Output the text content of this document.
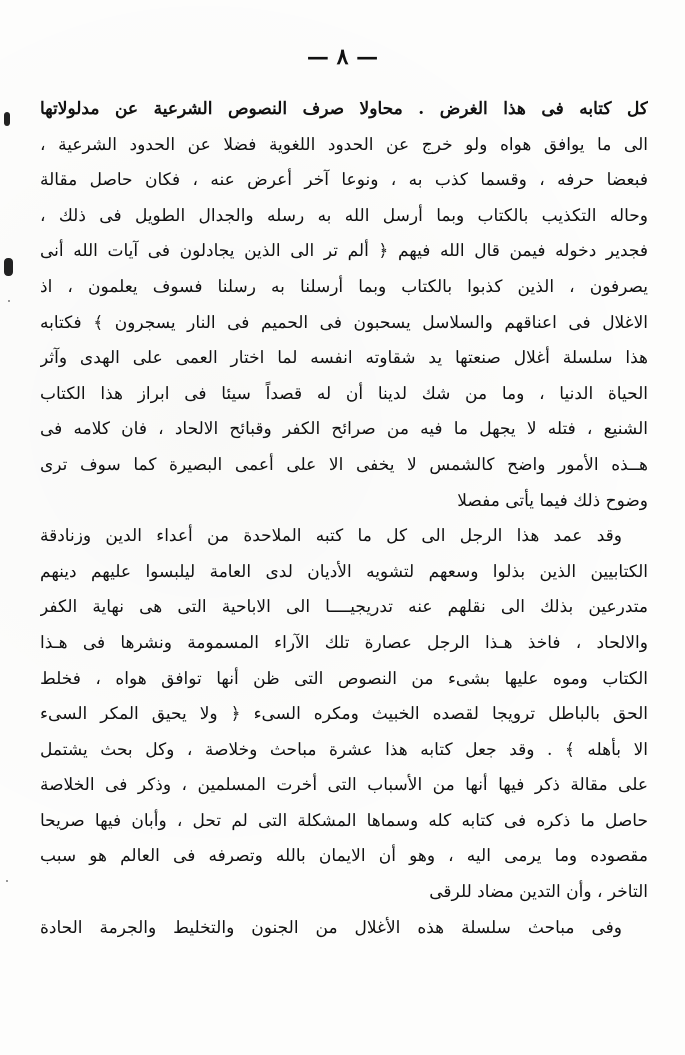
— ٨ —
كل كتابه فى هذا الغرض . محاولا صرف النصوص الشرعية عن مدلولاتها
الى ما يوافق هواه ولو خرج عن الحدود اللغوية فضلا عن الحدود الشرعية ،
فبعضا حرفه ، وقسما كذب به ، ونوعا آخر أعرض عنه ، فكان حاصل مقالة
وحاله التكذيب بالكتاب وبما أرسل الله به رسله والجدال الطويل فى ذلك ،
فجدير دخوله فيمن قال الله فيهم ﴿ ألم تر الى الذين يجادلون فى آيات الله أنى
يصرفون ، الذين كذبوا بالكتاب وبما أرسلنا به رسلنا فسوف يعلمون ، اذ
الاغلال فى اعناقهم والسلاسل يسحبون فى الحميم فى النار يسجرون ﴾ فكتابه
هذا سلسلة أغلال صنعتها يد شقاوته انفسه لما اختار العمى على الهدى وآثر
الحياة الدنيا ، وما من شك لدينا أن له قصداً سيئا فى ابراز هذا الكتاب
الشنيع ، فتله لا يجهل ما فيه من صرائح الكفر وقبائح الالحاد ، فان كلامه فى
هــذه الأمور واضح كالشمس لا يخفى الا على أعمى البصيرة كما سوف ترى
وضوح ذلك فيما يأتى مفصلا
وقد عمد هذا الرجل الى كل ما كتبه الملاحدة من أعداء الدين وزنادقة
الكتابيين الذين بذلوا وسعهم لتشويه الأديان لدى العامة ليلبسوا عليهم دينهم
متدرعين بذلك الى نقلهم عنه تدريجيــــا الى الاباحية التى هى نهاية الكفر
والالحاد ، فاخذ هـذا الرجل عصارة تلك الآراء المسمومة ونشرها فى هـذا
الكتاب وموه عليها بشىء من النصوص التى ظن أنها توافق هواه ، فخلط
الحق بالباطل ترويجا لقصده الخبيث ومكره السىء ﴿ ولا يحيق المكر السىء
الا بأهله ﴾ . وقد جعل كتابه هذا عشرة مباحث وخلاصة ، وكل بحث يشتمل
على مقالة ذكر فيها أنها من الأسباب التى أخرت المسلمين ، وذكر فى الخلاصة
حاصل ما ذكره فى كتابه كله وسماها المشكلة التى لم تحل ، وأبان فيها صريحا
مقصوده وما يرمى اليه ، وهو أن الايمان بالله وتصرفه فى العالم هو سبب
التاخر ، وأن التدين مضاد للرقى
وفى مباحث سلسلة هذه الأغلال من الجنون والتخليط والجرمة الحادة
